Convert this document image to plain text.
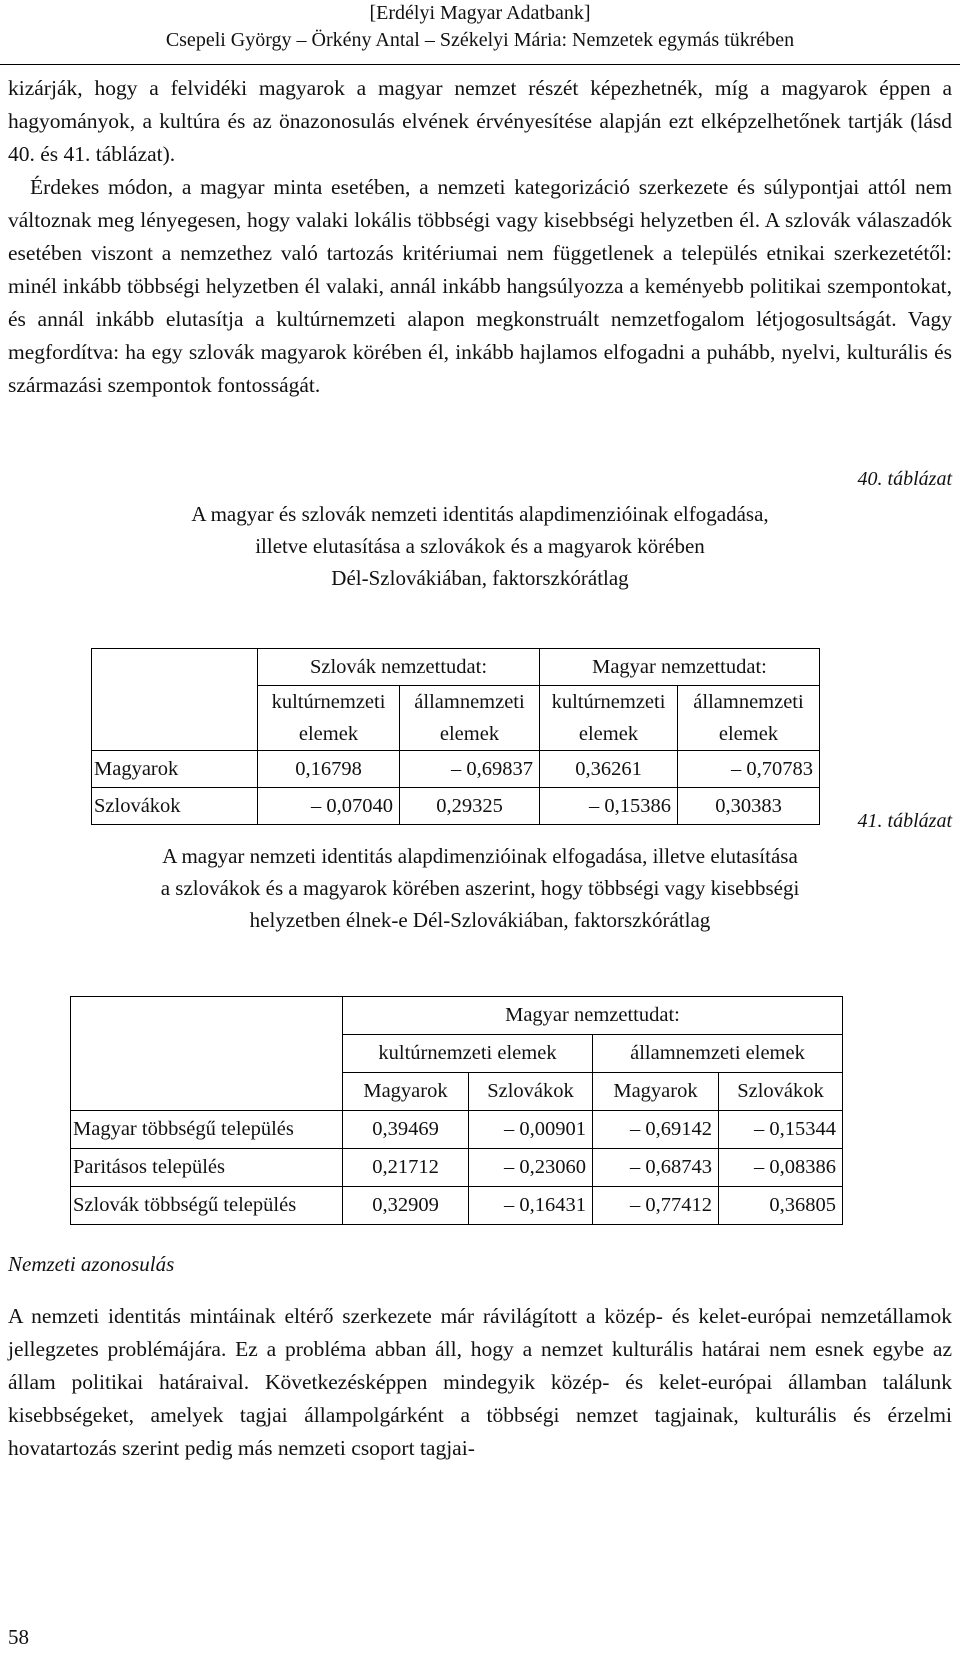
[Erdélyi Magyar Adatbank]
Csepeli György – Örkény Antal – Székelyi Mária: Nemzetek egymás tükrében

kizárják, hogy a felvidéki magyarok a magyar nemzet részét képezhetnék, míg a magyarok éppen a hagyományok, a kultúra és az önazonosulás elvének érvényesítése alapján ezt elképzelhetőnek tartják (lásd 40. és 41. táblázat).

Érdekes módon, a magyar minta esetében, a nemzeti kategorizáció szerkezete és súlypontjai attól nem változnak meg lényegesen, hogy valaki lokális többségi vagy kisebbségi helyzetben él. A szlovák válaszadók esetében viszont a nemzethez való tartozás kritériumai nem függetlenek a település etnikai szerkezetétől: minél inkább többségi helyzetben él valaki, annál inkább hangsúlyozza a keményebb politikai szempontokat, és annál inkább elutasítja a kultúrnemzeti alapon megkonstruált nemzetfogalom létjogosultságát. Vagy megfordítva: ha egy szlovák magyarok körében él, inkább hajlamos elfogadni a puhább, nyelvi, kulturális és származási szempontok fontosságát.

40. táblázat
A magyar és szlovák nemzeti identitás alapdimenzióinak elfogadása,
illetve elutasítása a szlovákok és a magyarok körében
Dél-Szlovákiában, faktorszkórátlag
	Szlovák nemzettudat:		Magyar nemzettudat:	
	kultúrnemzeti elemek	államnemzeti elemek	kultúrnemzeti elemek	államnemzeti elemek
Magyarok	0,16798	– 0,69837	0,36261	– 0,70783
Szlovákok	– 0,07040	0,29325	– 0,15386	0,30383
41. táblázat
A magyar nemzeti identitás alapdimenzióinak elfogadása, illetve elutasítása
a szlovákok és a magyarok körében aszerint, hogy többségi vagy kisebbségi
helyzetben élnek-e Dél-Szlovákiában, faktorszkórátlag
	Magyar nemzettudat:			
	kultúrnemzeti elemek		államnemzeti elemek	
	Magyarok	Szlovákok	Magyarok	Szlovákok
Magyar többségű település	0,39469	– 0,00901	– 0,69142	– 0,15344
Paritásos település	0,21712	– 0,23060	– 0,68743	– 0,08386
Szlovák többségű település	0,32909	– 0,16431	– 0,77412	0,36805
Nemzeti azonosulás
A nemzeti identitás mintáinak eltérő szerkezete már rávilágított a közép- és kelet-európai nemzetállamok jellegzetes problémájára. Ez a probléma abban áll, hogy a nemzet kulturális határai nem esnek egybe az állam politikai határaival. Következésképpen mindegyik közép- és kelet-európai államban találunk kisebbségeket, amelyek tagjai állampolgárként a többségi nemzet tagjainak, kulturális és érzelmi hovatartozás szerint pedig más nemzeti csoport tagjai-
58
